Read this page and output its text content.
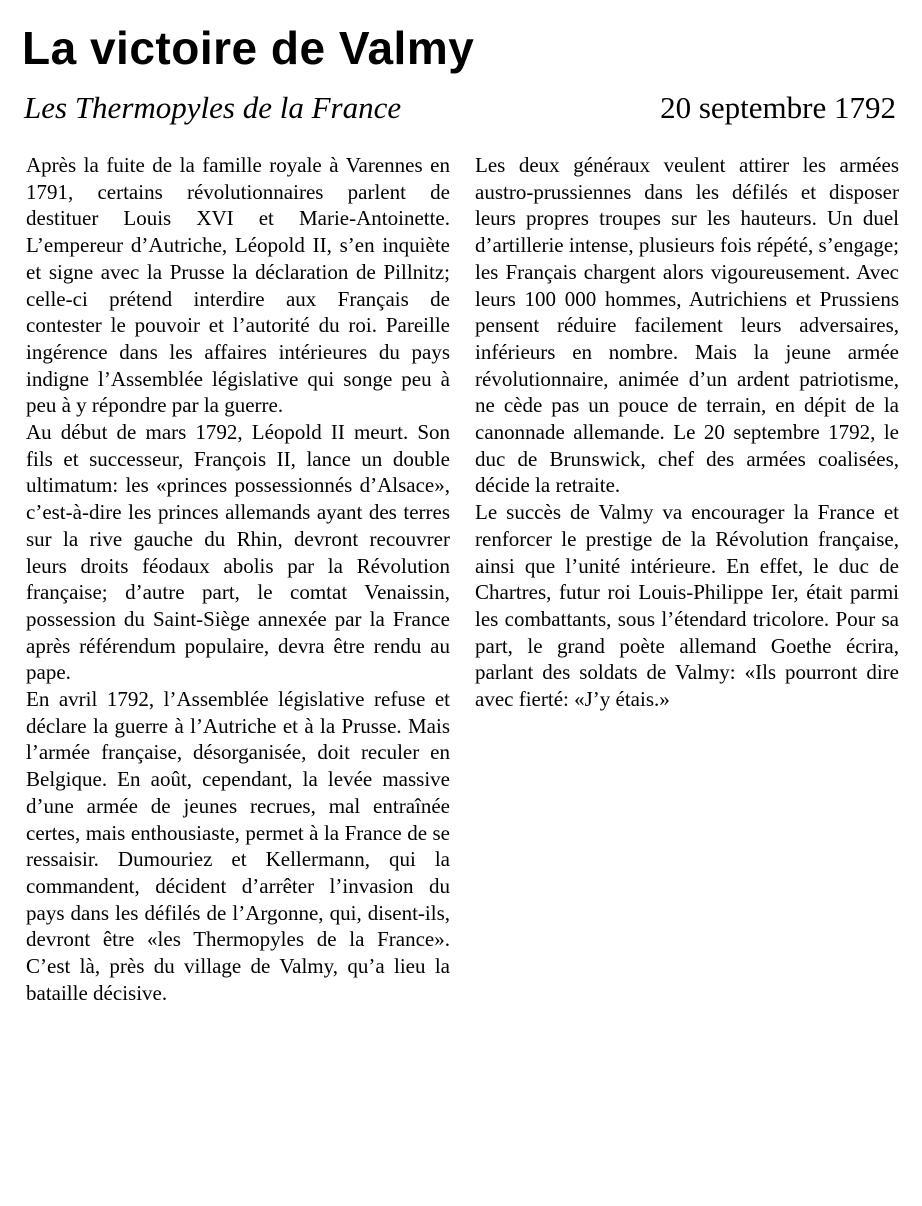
La victoire de Valmy
Les Thermopyles de la France	20 septembre 1792

Après la fuite de la famille royale à Varennes en 1791, certains révolutionnaires parlent de destituer Louis XVI et Marie-Antoinette. L’empereur d’Autriche, Léopold II, s’en inquiète et signe avec la Prusse la déclaration de Pillnitz; celle-ci prétend interdire aux Français de contester le pouvoir et l’autorité du roi. Pareille ingérence dans les affaires intérieures du pays indigne l’Assemblée législative qui songe peu à peu à y répondre par la guerre.

Au début de mars 1792, Léopold II meurt. Son fils et successeur, François II, lance un double ultimatum: les «princes possessionnés d’Alsace», c’est-à-dire les princes allemands ayant des terres sur la rive gauche du Rhin, devront recouvrer leurs droits féodaux abolis par la Révolution française; d’autre part, le comtat Venaissin, possession du Saint-Siège annexée par la France après référendum populaire, devra être rendu au pape.

En avril 1792, l’Assemblée législative refuse et déclare la guerre à l’Autriche et à la Prusse. Mais l’armée française, désorganisée, doit reculer en Belgique. En août, cependant, la levée massive d’une armée de jeunes recrues, mal entraînée certes, mais enthousiaste, permet à la France de se ressaisir. Dumouriez et Kellermann, qui la commandent, décident d’arrêter l’invasion du pays dans les défilés de l’Argonne, qui, disent-ils, devront être «les Thermopyles de la France». C’est là, près du village de Valmy, qu’a lieu la bataille décisive.

Les deux généraux veulent attirer les armées austro-prussiennes dans les défilés et disposer leurs propres troupes sur les hauteurs. Un duel d’artillerie intense, plusieurs fois répété, s’engage; les Français chargent alors vigoureusement. Avec leurs 100 000 hommes, Autrichiens et Prussiens pensent réduire facilement leurs adversaires, inférieurs en nombre. Mais la jeune armée révolutionnaire, animée d’un ardent patriotisme, ne cède pas un pouce de terrain, en dépit de la canonnade allemande. Le 20 septembre 1792, le duc de Brunswick, chef des armées coalisées, décide la retraite.

Le succès de Valmy va encourager la France et renforcer le prestige de la Révolution française, ainsi que l’unité intérieure. En effet, le duc de Chartres, futur roi Louis-Philippe Ier, était parmi les combattants, sous l’étendard tricolore. Pour sa part, le grand poète allemand Goethe écrira, parlant des soldats de Valmy: «Ils pourront dire avec fierté: «J’y étais.»
